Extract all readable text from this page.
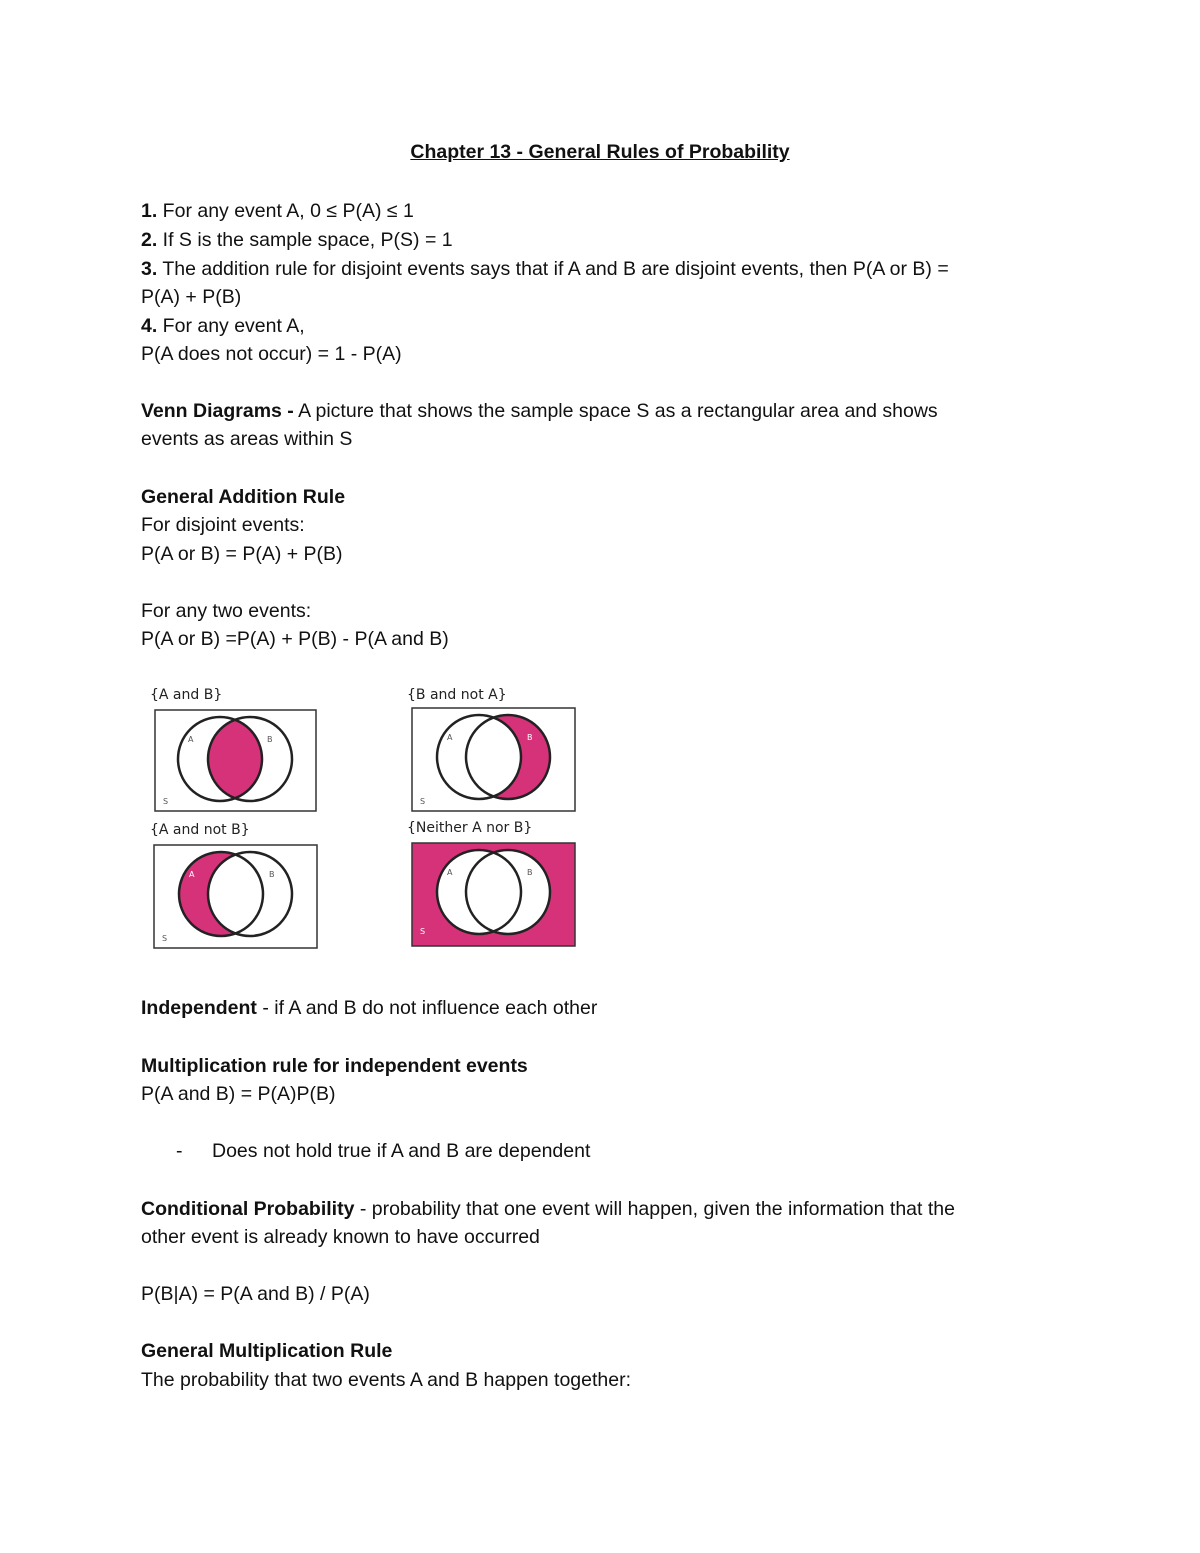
Chapter 13 - General Rules of Probability
1. For any event A, 0 ≤ P(A) ≤ 1
2. If S is the sample space, P(S) = 1
3. The addition rule for disjoint events says that if A and B are disjoint events, then P(A or B) =
P(A) + P(B)
4. For any event A,
P(A does not occur) = 1 - P(A)
Venn Diagrams - A picture that shows the sample space S as a rectangular area and shows
events as areas within S
General Addition Rule
For disjoint events:
P(A or B) = P(A) + P(B)
For any two events:
P(A or B) =P(A) + P(B) - P(A and B)
{A and B}
A	B
S
{B and not A}
A	B
S
{A and not B}
A	B
S
{Neither A nor B}
A	B
S
Independent - if A and B do not influence each other
Multiplication rule for independent events
P(A and B) = P(A)P(B)
- Does not hold true if A and B are dependent
Conditional Probability - probability that one event will happen, given the information that the
other event is already known to have occurred
P(B|A) = P(A and B) / P(A)
General Multiplication Rule
The probability that two events A and B happen together:
